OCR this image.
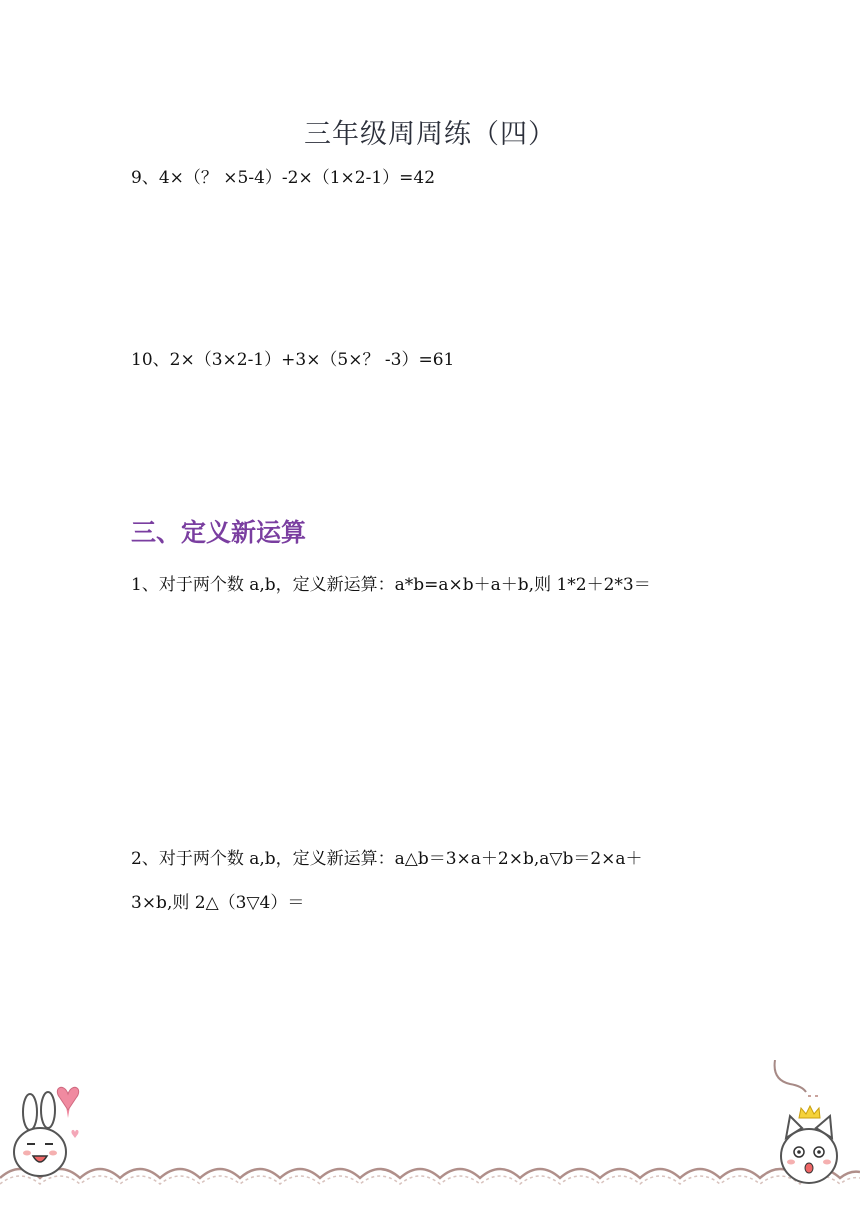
三年级周周练（四）
9、4×（？ ×5-4）-2×（1×2-1）=42
10、2×（3×2-1）+3×（5×？ -3）=61
三、定义新运算
1、对于两个数 a,b，定义新运算：a*b=a×b＋a＋b,则 1*2＋2*3＝
2、对于两个数 a,b，定义新运算：a△b＝3×a＋2×b,a▽b＝2×a＋
3×b,则 2△（3▽4）＝
